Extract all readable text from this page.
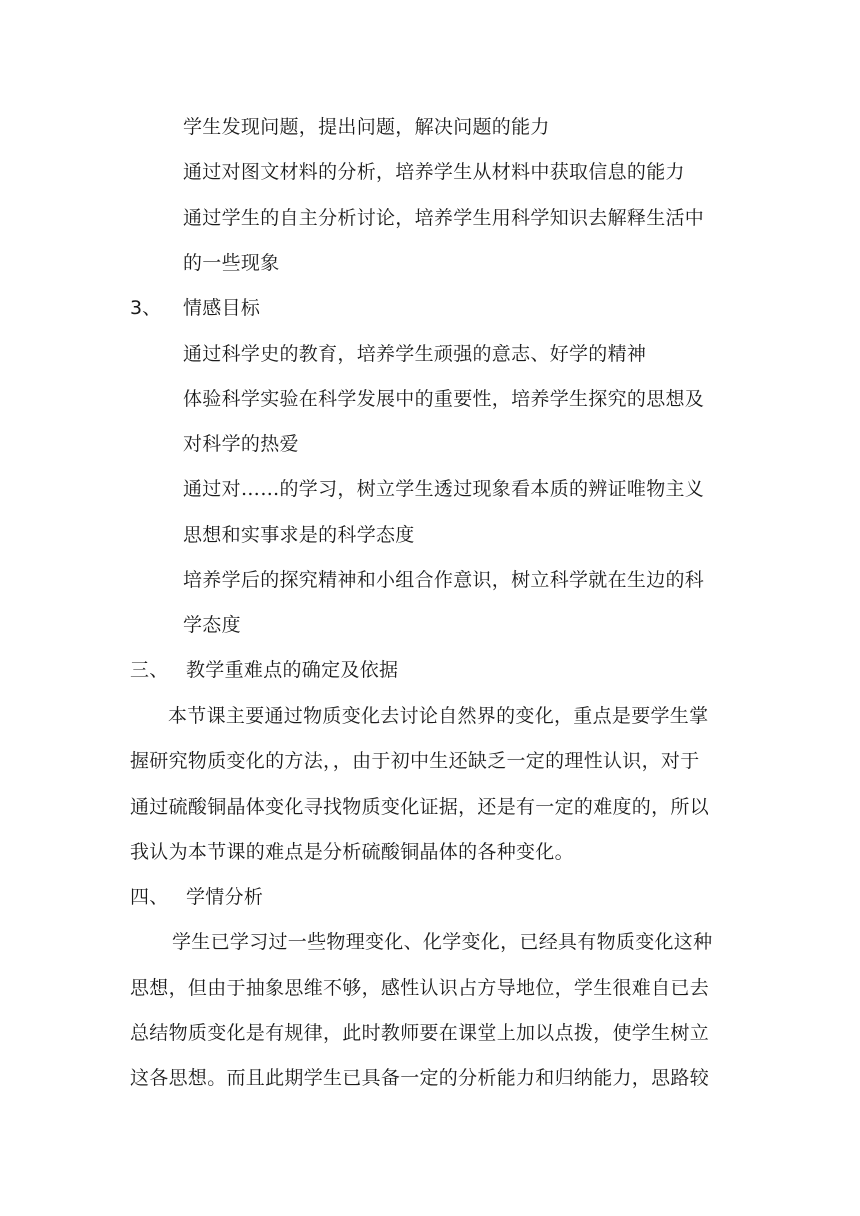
学生发现问题，提出问题，解决问题的能力
通过对图文材料的分析，培养学生从材料中获取信息的能力
通过学生的自主分析讨论，培养学生用科学知识去解释生活中
的一些现象
3、 情感目标
通过科学史的教育，培养学生顽强的意志、好学的精神
体验科学实验在科学发展中的重要性，培养学生探究的思想及
对科学的热爱
通过对……的学习，树立学生透过现象看本质的辨证唯物主义
思想和实事求是的科学态度
培养学后的探究精神和小组合作意识，树立科学就在生边的科
学态度
三、 教学重难点的确定及依据
本节课主要通过物质变化去讨论自然界的变化，重点是要学生掌
握研究物质变化的方法，，由于初中生还缺乏一定的理性认识，对于
通过硫酸铜晶体变化寻找物质变化证据，还是有一定的难度的，所以
我认为本节课的难点是分析硫酸铜晶体的各种变化。
四、 学情分析
学生已学习过一些物理变化、化学变化，已经具有物质变化这种
思想，但由于抽象思维不够，感性认识占方导地位，学生很难自已去
总结物质变化是有规律，此时教师要在课堂上加以点拨，使学生树立
这各思想。而且此期学生已具备一定的分析能力和归纳能力，思路较
